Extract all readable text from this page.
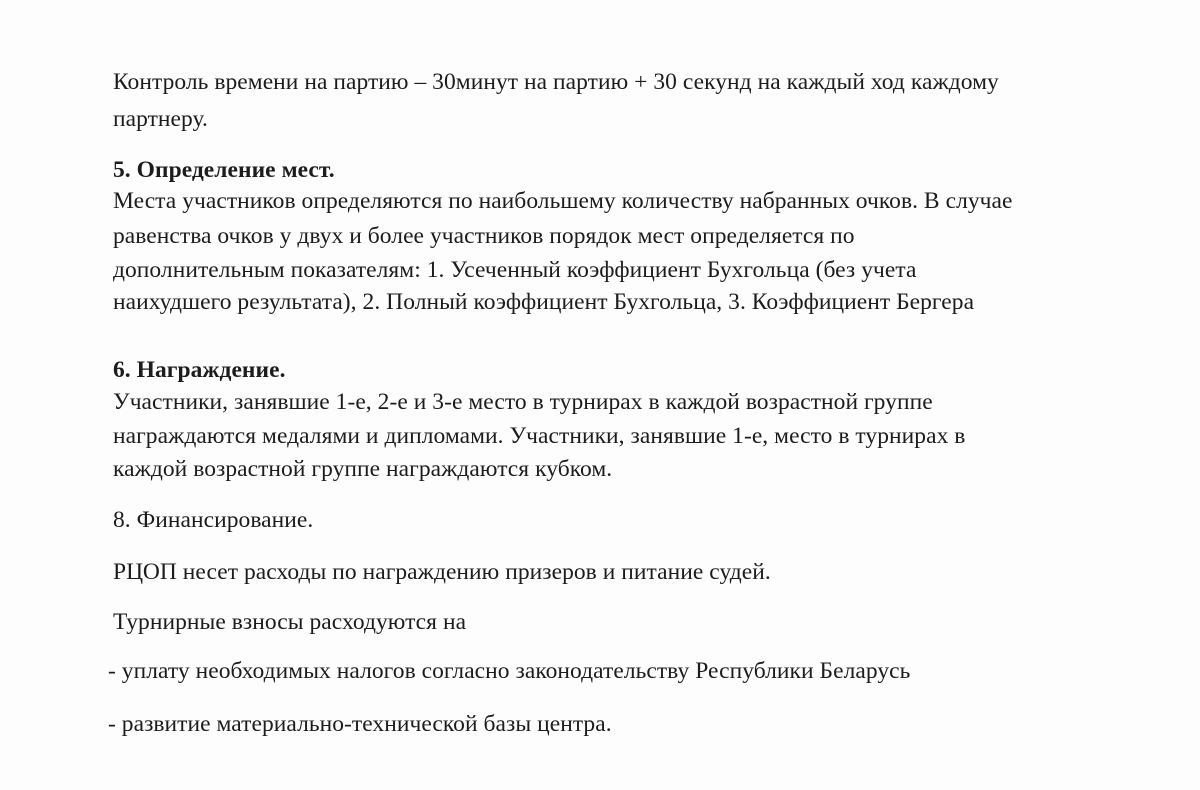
Контроль времени на партию – 30минут на партию + 30 секунд на каждый ход каждому
партнеру.
5. Определение мест.
Места участников определяются по наибольшему количеству набранных очков. В случае
равенства очков у двух и более участников порядок мест определяется по
дополнительным показателям: 1. Усеченный коэффициент Бухгольца (без учета
наихудшего результата), 2. Полный коэффициент Бухгольца, 3. Коэффициент Бергера
6. Награждение.
Участники, занявшие 1-е, 2-е и 3-е место в турнирах в каждой возрастной группе
награждаются медалями и дипломами. Участники, занявшие 1-е, место в турнирах в
каждой возрастной группе награждаются кубком.
8. Финансирование.
РЦОП несет расходы по награждению призеров и питание судей.
Турнирные взносы расходуются на
- уплату необходимых налогов согласно законодательству Республики Беларусь
- развитие материально-технической базы центра.
